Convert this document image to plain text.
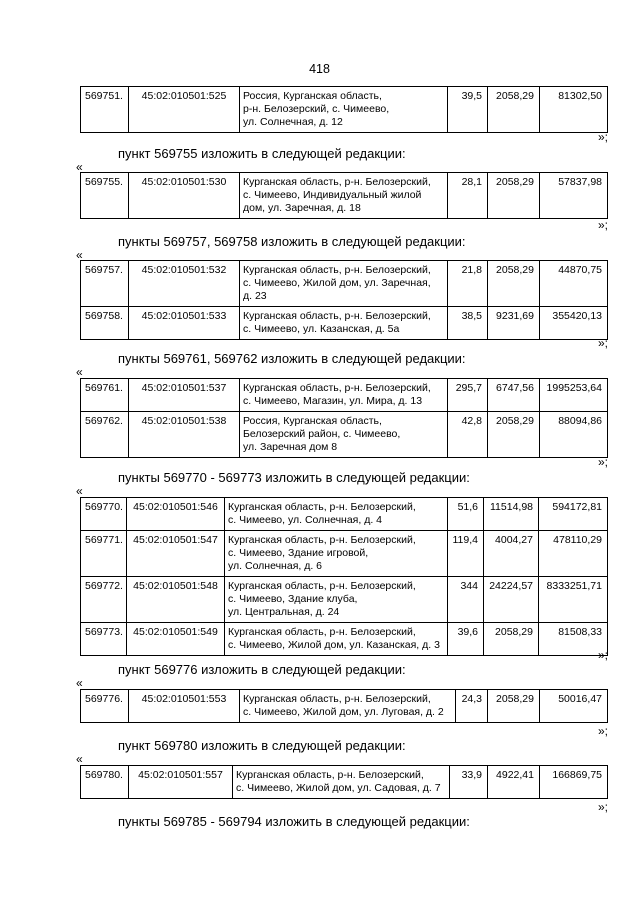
418
569751.	45:02:010501:525	Россия, Курганская область,
р-н. Белозерский, с. Чимеево,
ул. Солнечная, д. 12
	39,5	2058,29	81302,50
»;
пункт 569755 изложить в следующей редакции:
«
569755.	45:02:010501:530	Курганская область, р-н. Белозерский,
с. Чимеево, Индивидуальный жилой
дом, ул. Заречная, д. 18
	28,1	2058,29	57837,98
»;
пункты 569757, 569758 изложить в следующей редакции:
«
569757.	45:02:010501:532	Курганская область, р-н. Белозерский,
с. Чимеево, Жилой дом, ул. Заречная,
д. 23	21,8	2058,29	44870,75
569758.	45:02:010501:533	Курганская область, р-н. Белозерский,
с. Чимеево, ул. Казанская, д. 5а	38,5	9231,69	355420,13
»;
пункты 569761, 569762 изложить в следующей редакции:
«
569761.	45:02:010501:537	Курганская область, р-н. Белозерский,
с. Чимеево, Магазин, ул. Мира, д. 13	295,7	6747,56	1995253,64
569762.	45:02:010501:538	Россия, Курганская область,
Белозерский район, с. Чимеево,
ул. Заречная дом 8	42,8	2058,29	88094,86
»;
пункты 569770 - 569773 изложить в следующей редакции:
«
569770.	45:02:010501:546	Курганская область, р-н. Белозерский,
с. Чимеево, ул. Солнечная, д. 4	51,6	11514,98	594172,81
569771.	45:02:010501:547	Курганская область, р-н. Белозерский,
с. Чимеево, Здание игровой,
ул. Солнечная, д. 6	119,4	4004,27	478110,29
569772.	45:02:010501:548	Курганская область, р-н. Белозерский,
с. Чимеево, Здание клуба,
ул. Центральная, д. 24	344	24224,57	8333251,71
569773.	45:02:010501:549	Курганская область, р-н. Белозерский,
с. Чимеево, Жилой дом, ул. Казанская, д. 3	39,6	2058,29	81508,33
»;
пункт 569776 изложить в следующей редакции:
«
569776.	45:02:010501:553	Курганская область, р-н. Белозерский,
с. Чимеево, Жилой дом, ул. Луговая, д. 2
	24,3	2058,29	50016,47
»;
пункт 569780 изложить в следующей редакции:
«
569780.	45:02:010501:557	Курганская область, р-н. Белозерский,
с. Чимеево, Жилой дом, ул. Садовая, д. 7
	33,9	4922,41	166869,75
»;
пункты 569785 - 569794 изложить в следующей редакции:
